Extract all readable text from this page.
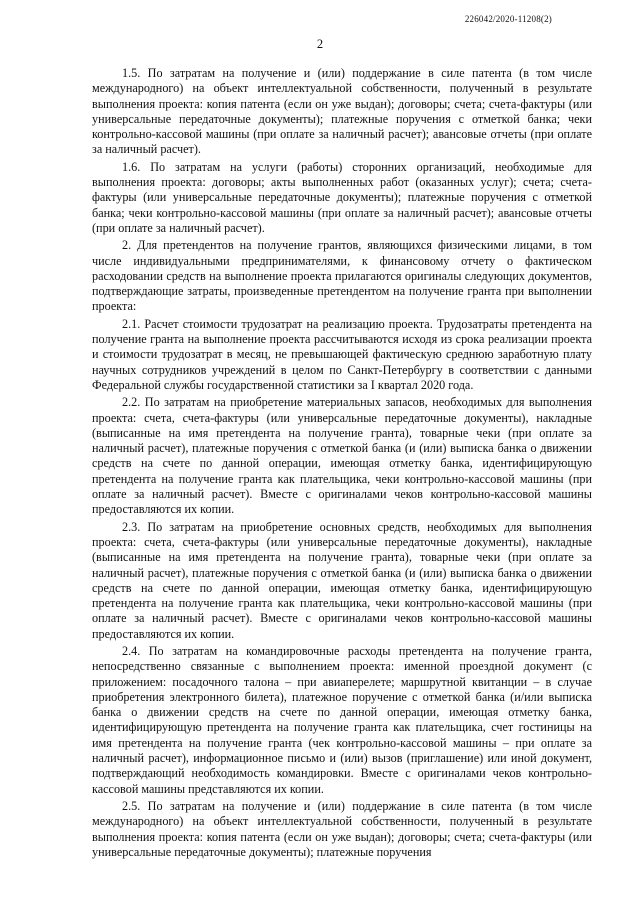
226042/2020-11208(2)
2

1.5. По затратам на получение и (или) поддержание в силе патента (в том числе международного) на объект интеллектуальной собственности, полученный в результате выполнения проекта: копия патента (если он уже выдан); договоры; счета; счета-фактуры (или универсальные передаточные документы); платежные поручения с отметкой банка; чеки контрольно-кассовой машины (при оплате за наличный расчет); авансовые отчеты (при оплате за наличный расчет).

1.6. По затратам на услуги (работы) сторонних организаций, необходимые для выполнения проекта: договоры; акты выполненных работ (оказанных услуг); счета; счета-фактуры (или универсальные передаточные документы); платежные поручения с отметкой банка; чеки контрольно-кассовой машины (при оплате за наличный расчет); авансовые отчеты (при оплате за наличный расчет).

2. Для претендентов на получение грантов, являющихся физическими лицами, в том числе индивидуальными предпринимателями, к финансовому отчету о фактическом расходовании средств на выполнение проекта прилагаются оригиналы следующих документов, подтверждающие затраты, произведенные претендентом на получение гранта при выполнении проекта:

2.1. Расчет стоимости трудозатрат на реализацию проекта. Трудозатраты претендента на получение гранта на выполнение проекта рассчитываются исходя из срока реализации проекта и стоимости трудозатрат в месяц, не превышающей фактическую среднюю заработную плату научных сотрудников учреждений в целом по Санкт-Петербургу в соответствии с данными Федеральной службы государственной статистики за I квартал 2020 года.

2.2. По затратам на приобретение материальных запасов, необходимых для выполнения проекта: счета, счета-фактуры (или универсальные передаточные документы), накладные (выписанные на имя претендента на получение гранта), товарные чеки (при оплате за наличный расчет), платежные поручения с отметкой банка (и (или) выписка банка о движении средств на счете по данной операции, имеющая отметку банка, идентифицирующую претендента на получение гранта как плательщика, чеки контрольно-кассовой машины (при оплате за наличный расчет). Вместе с оригиналами чеков контрольно-кассовой машины предоставляются их копии.

2.3. По затратам на приобретение основных средств, необходимых для выполнения проекта: счета, счета-фактуры (или универсальные передаточные документы), накладные (выписанные на имя претендента на получение гранта), товарные чеки (при оплате за наличный расчет), платежные поручения с отметкой банка (и (или) выписка банка о движении средств на счете по данной операции, имеющая отметку банка, идентифицирующую претендента на получение гранта как плательщика, чеки контрольно-кассовой машины (при оплате за наличный расчет). Вместе с оригиналами чеков контрольно-кассовой машины предоставляются их копии.

2.4. По затратам на командировочные расходы претендента на получение гранта, непосредственно связанные с выполнением проекта: именной проездной документ (с приложением: посадочного талона – при авиаперелете; маршрутной квитанции – в случае приобретения электронного билета), платежное поручение с отметкой банка (и/или выписка банка о движении средств на счете по данной операции, имеющая отметку банка, идентифицирующую претендента на получение гранта как плательщика, счет гостиницы на имя претендента на получение гранта (чек контрольно-кассовой машины – при оплате за наличный расчет), информационное письмо и (или) вызов (приглашение) или иной документ, подтверждающий необходимость командировки. Вместе с оригиналами чеков контрольно-кассовой машины представляются их копии.

2.5. По затратам на получение и (или) поддержание в силе патента (в том числе международного) на объект интеллектуальной собственности, полученный в результате выполнения проекта: копия патента (если он уже выдан); договоры; счета; счета-фактуры (или универсальные передаточные документы); платежные поручения
